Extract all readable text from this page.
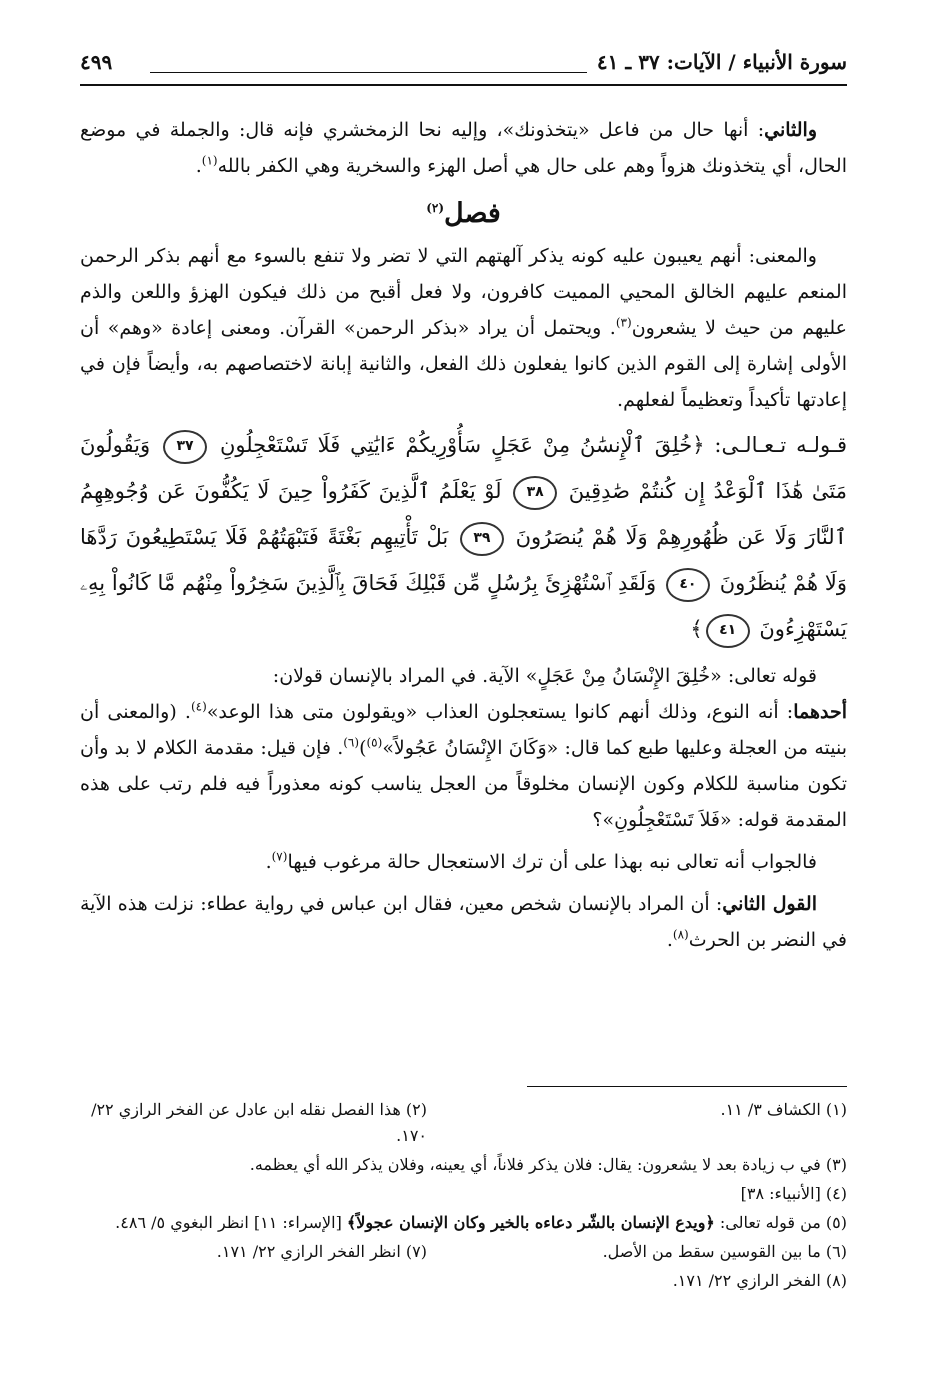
سورة الأنبياء / الآيات: ٣٧ ـ ٤١
٤٩٩

والثاني: أنها حال من فاعل «يتخذونك»، وإليه نحا الزمخشري فإنه قال: والجملة في موضع الحال، أي يتخذونك هزواً وهم على حال هي أصل الهزء والسخرية وهي الكفر بالله$^{(١)}$.

فصل$^{(٢)}$

والمعنى: أنهم يعيبون عليه كونه يذكر آلهتهم التي لا تضر ولا تنفع بالسوء مع أنهم بذكر الرحمن المنعم عليهم الخالق المحيي المميت كافرون، ولا فعل أقبح من ذلك فيكون الهزؤ واللعن والذم عليهم من حيث لا يشعرون$^{(٣)}$. ويحتمل أن يراد «بذكر الرحمن» القرآن. ومعنى إعادة «وهم» أن الأولى إشارة إلى القوم الذين كانوا يفعلون ذلك الفعل، والثانية إبانة لاختصاصهم به، وأيضاً فإن في إعادتها تأكيداً وتعظيماً لفعلهم.

قـولـه تـعـالـى: ﴿خُلِقَ ٱلْإِنسَٰنُ مِنْ عَجَلٍ سَأُوْرِيكُمْ ءَايَٰتِي فَلَا تَسْتَعْجِلُونِ ٣٧ وَيَقُولُونَ مَتَىٰ هَٰذَا ٱلْوَعْدُ إِن كُنتُمْ صَٰدِقِينَ ٣٨ لَوْ يَعْلَمُ ٱلَّذِينَ كَفَرُواْ حِينَ لَا يَكُفُّونَ عَن وُجُوهِهِمُ ٱلنَّارَ وَلَا عَن ظُهُورِهِمْ وَلَا هُمْ يُنصَرُونَ ٣٩ بَلْ تَأْتِيهِم بَغْتَةً فَتَبْهَتُهُمْ فَلَا يَسْتَطِيعُونَ رَدَّهَا وَلَا هُمْ يُنظَرُونَ ٤٠ وَلَقَدِ ٱسْتُهْزِئَ بِرُسُلٍ مِّن قَبْلِكَ فَحَاقَ بِٱلَّذِينَ سَخِرُواْ مِنْهُم مَّا كَانُواْ بِهِۦ يَسْتَهْزِءُونَ ٤١﴾

قوله تعالى: «خُلِقَ الإِنْسَانُ مِنْ عَجَلٍ» الآية. في المراد بالإنسان قولان:

أحدهما: أنه النوع، وذلك أنهم كانوا يستعجلون العذاب «ويقولون متى هذا الوعد»$^{(٤)}$. (والمعنى أن بنيته من العجلة وعليها طبع كما قال: «وَكَانَ الإِنْسَانُ عَجُولاً»$^{(٥)}$)$^{(٦)}$. فإن قيل: مقدمة الكلام لا بد وأن تكون مناسبة للكلام وكون الإنسان مخلوقاً من العجل يناسب كونه معذوراً فيه فلم رتب على هذه المقدمة قوله: «فَلاَ تَسْتَعْجِلُونِ»؟

فالجواب أنه تعالى نبه بهذا على أن ترك الاستعجال حالة مرغوب فيها$^{(٧)}$.

القول الثاني: أن المراد بالإنسان شخص معين، فقال ابن عباس في رواية عطاء: نزلت هذه الآية في النضر بن الحرث$^{(٨)}$.

(١) الكشاف ٣/ ١١.
(٢) هذا الفصل نقله ابن عادل عن الفخر الرازي ٢٢/ ١٧٠.

(٣) في ب زيادة بعد لا يشعرون: يقال: فلان يذكر فلاناً، أي يعينه، وفلان يذكر الله أي يعظمه.

(٤) [الأنبياء: ٣٨]

(٥) من قوله تعالى: ﴿ويدع الإنسان بالشّر دعاءه بالخير وكان الإنسان عجولاً﴾ [الإسراء: ١١] انظر البغوي ٥/ ٤٨٦.

(٦) ما بين القوسين سقط من الأصل.
(٧) انظر الفخر الرازي ٢٢/ ١٧١.

(٨) الفخر الرازي ٢٢/ ١٧١.
